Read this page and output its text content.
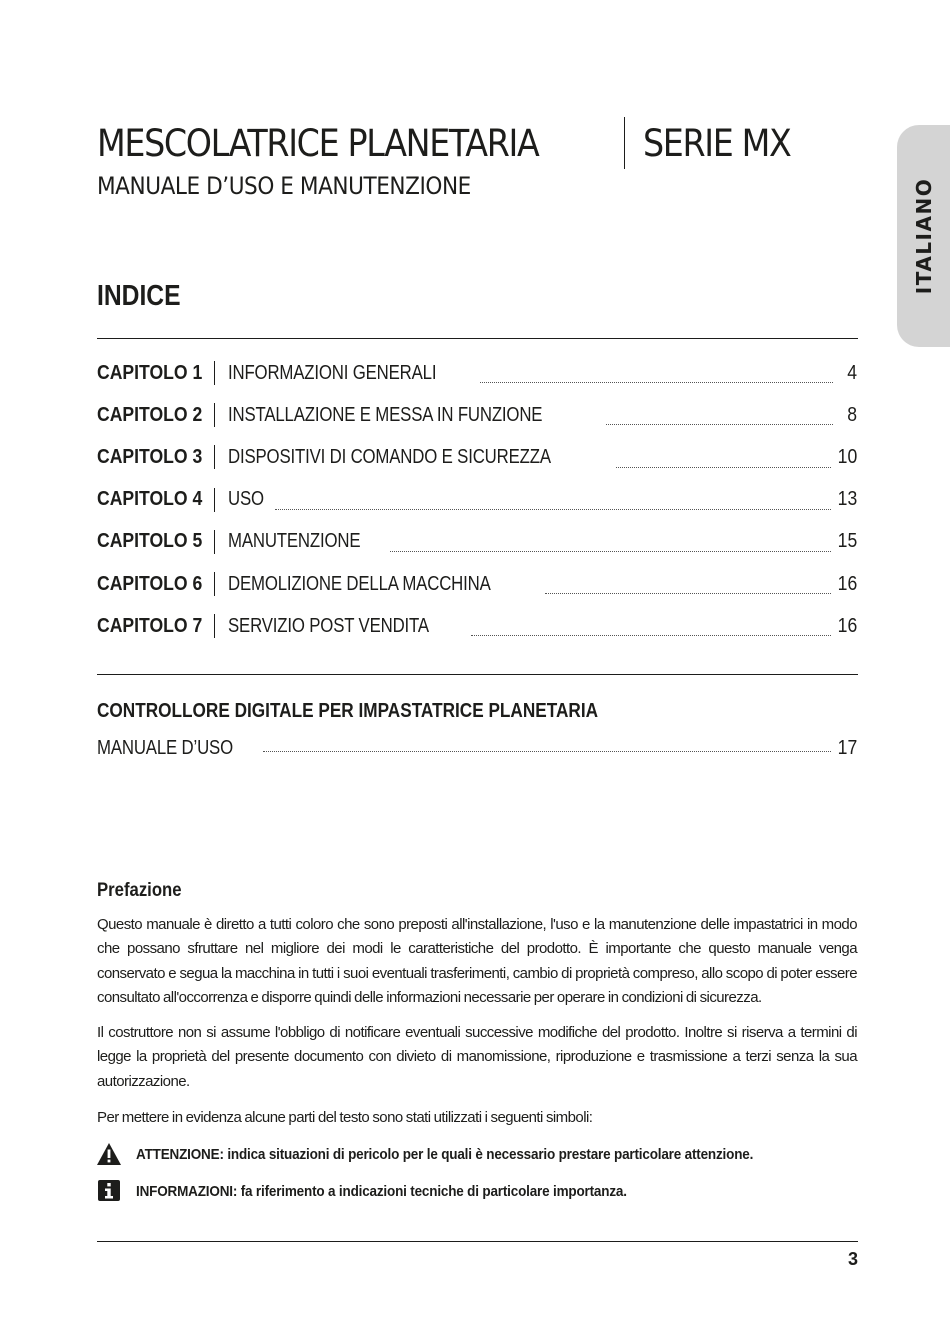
ITALIANO
MESCOLATRICE PLANETARIA	SERIE MX
MANUALE D’USO E MANUTENZIONE
INDICE
CAPITOLO 1 INFORMAZIONI GENERALI	4
CAPITOLO 2 INSTALLAZIONE E MESSA IN FUNZIONE	8
CAPITOLO 3 DISPOSITIVI DI COMANDO E SICUREZZA	10
CAPITOLO 4 USO	13
CAPITOLO 5 MANUTENZIONE	15
CAPITOLO 6 DEMOLIZIONE DELLA MACCHINA	16
CAPITOLO 7 SERVIZIO POST VENDITA	16
CONTROLLORE DIGITALE PER IMPASTATRICE PLANETARIA
MANUALE D’USO	17
Prefazione
Questo manuale è diretto a tutti coloro che sono preposti all'installazione, l'uso e la manutenzione delle impastatrici in modo che possano sfruttare nel migliore dei modi le caratteristiche del prodotto. È importante che questo manuale venga conservato e segua la macchina in tutti i suoi eventuali trasferimenti, cambio di proprietà compreso, allo scopo di poter essere consultato all'occorrenza e disporre quindi delle informazioni necessarie per operare in condizioni di sicurezza.
Il costruttore non si assume l'obbligo di notificare eventuali successive modifiche del prodotto. Inoltre si riserva a termini di legge la proprietà del presente documento con divieto di manomissione, riproduzione e trasmissione a terzi senza la sua autorizzazione.
Per mettere in evidenza alcune parti del testo sono stati utilizzati i seguenti simboli:
ATTENZIONE: indica situazioni di pericolo per le quali è necessario prestare particolare attenzione.
INFORMAZIONI: fa riferimento a indicazioni tecniche di particolare importanza.
3
